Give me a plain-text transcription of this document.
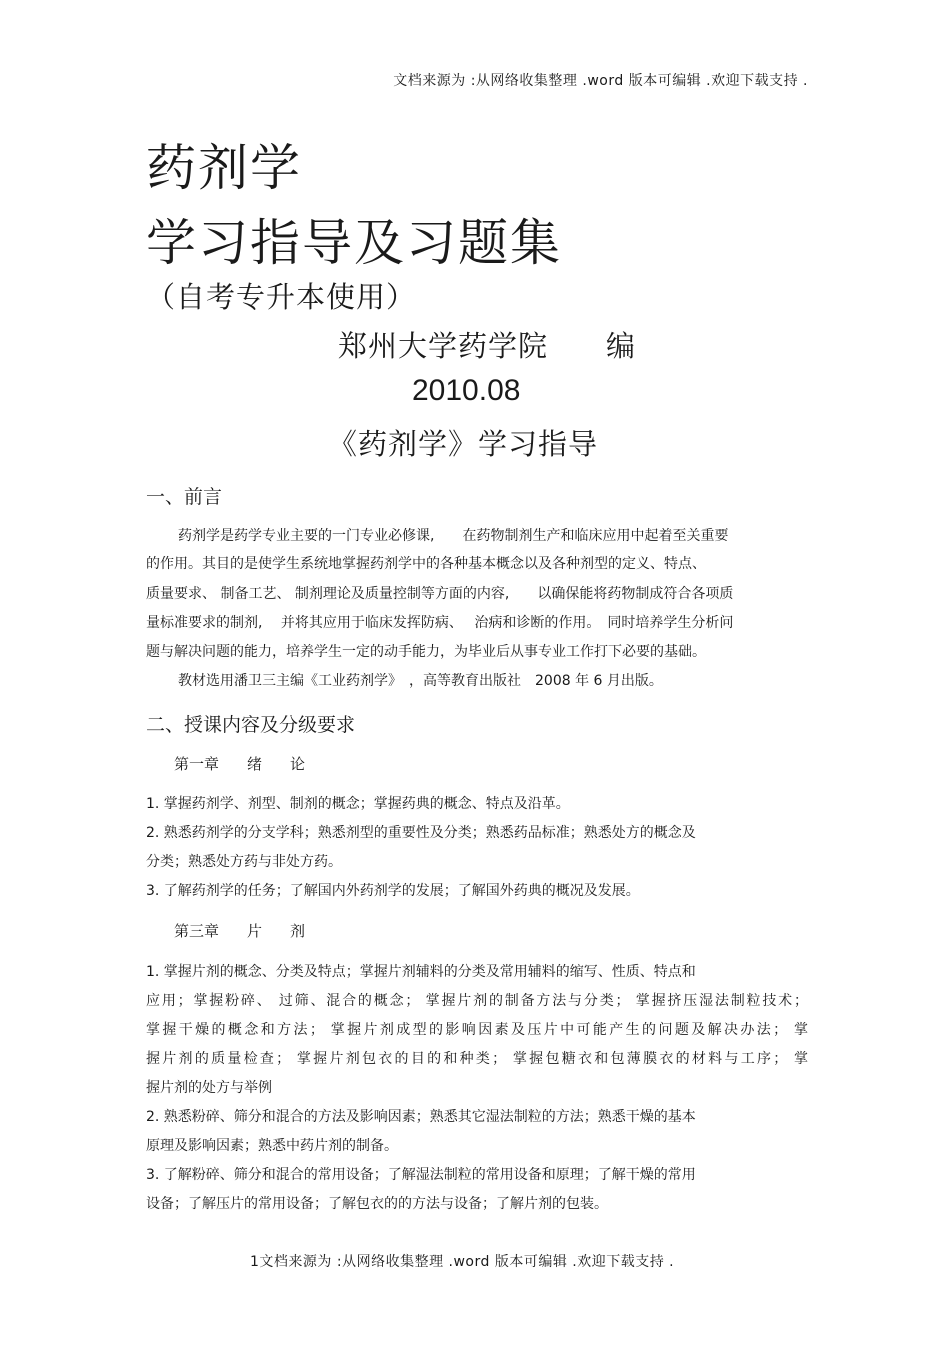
文档来源为 :从网络收集整理 .word 版本可编辑 .欢迎下载支持 .
药剂学
学习指导及习题集
（自考专升本使用）
郑州大学药学院 编
2010.08
《药剂学》学习指导
一、前言
药剂学是药学专业主要的一门专业必修课,　　在药物制剂生产和临床应用中起着至关重要
的作用。其目的是使学生系统地掌握药剂学中的各种基本概念以及各种剂型的定义、特点、
质量要求、 制备工艺、 制剂理论及质量控制等方面的内容,　　以确保能将药物制成符合各项质
量标准要求的制剂,　 并将其应用于临床发挥防病、　 治病和诊断的作用。　同时培养学生分析问
题与解决问题的能力，培养学生一定的动手能力，为毕业后从事专业工作打下必要的基础。
教材选用潘卫三主编《工业药剂学》　，高等教育出版社　2008 年 6 月出版。
二、授课内容及分级要求
第一章 绪 论
1. 掌握药剂学、剂型、制剂的概念；掌握药典的概念、特点及沿革。
2. 熟悉药剂学的分支学科；熟悉剂型的重要性及分类；熟悉药品标准；熟悉处方的概念及
分类；熟悉处方药与非处方药。
3. 了解药剂学的任务；了解国内外药剂学的发展；了解国外药典的概况及发展。
第三章 片 剂
1. 掌握片剂的概念、分类及特点；掌握片剂辅料的分类及常用辅料的缩写、性质、特点和
应用；掌握粉碎、 过筛、混合的概念； 掌握片剂的制备方法与分类； 掌握挤压湿法制粒技术；
掌握干燥的概念和方法； 掌握片剂成型的影响因素及压片中可能产生的问题及解决办法； 掌
握片剂的质量检查； 掌握片剂包衣的目的和种类； 掌握包糖衣和包薄膜衣的材料与工序； 掌
握片剂的处方与举例
2. 熟悉粉碎、筛分和混合的方法及影响因素；熟悉其它湿法制粒的方法；熟悉干燥的基本
原理及影响因素；熟悉中药片剂的制备。
3. 了解粉碎、筛分和混合的常用设备；了解湿法制粒的常用设备和原理；了解干燥的常用
设备；了解压片的常用设备；了解包衣的的方法与设备；了解片剂的包装。
1文档来源为 :从网络收集整理 .word 版本可编辑 .欢迎下载支持 .
